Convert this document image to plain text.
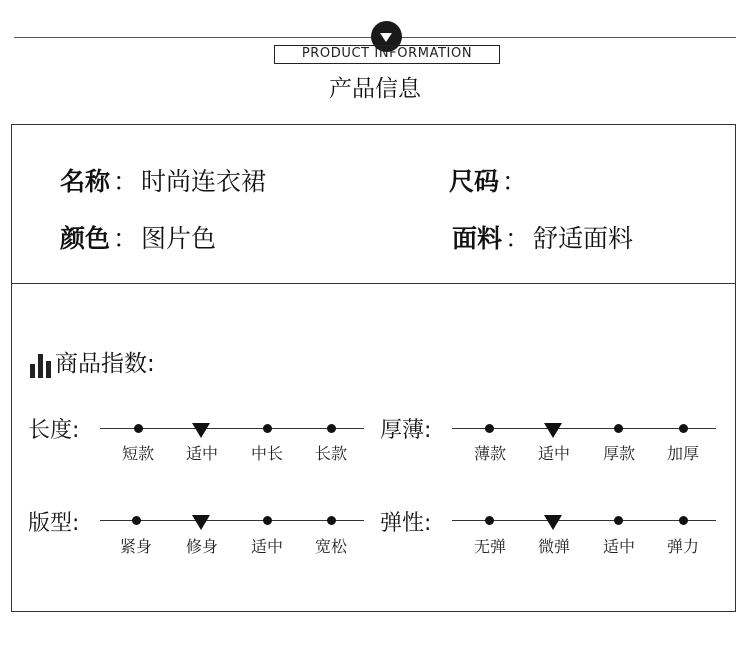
PRODUCT INFORMATION
产品信息
名称 ： 时尚连衣裙	尺码 ：
颜色 ： 图片色	面料 ： 舒适面料
商品指数:
长度:
短款	适中	中长	长款
厚薄:
薄款	适中	厚款	加厚
版型:
紧身	修身	适中	宽松
弹性:
无弹	微弹	适中	弹力
